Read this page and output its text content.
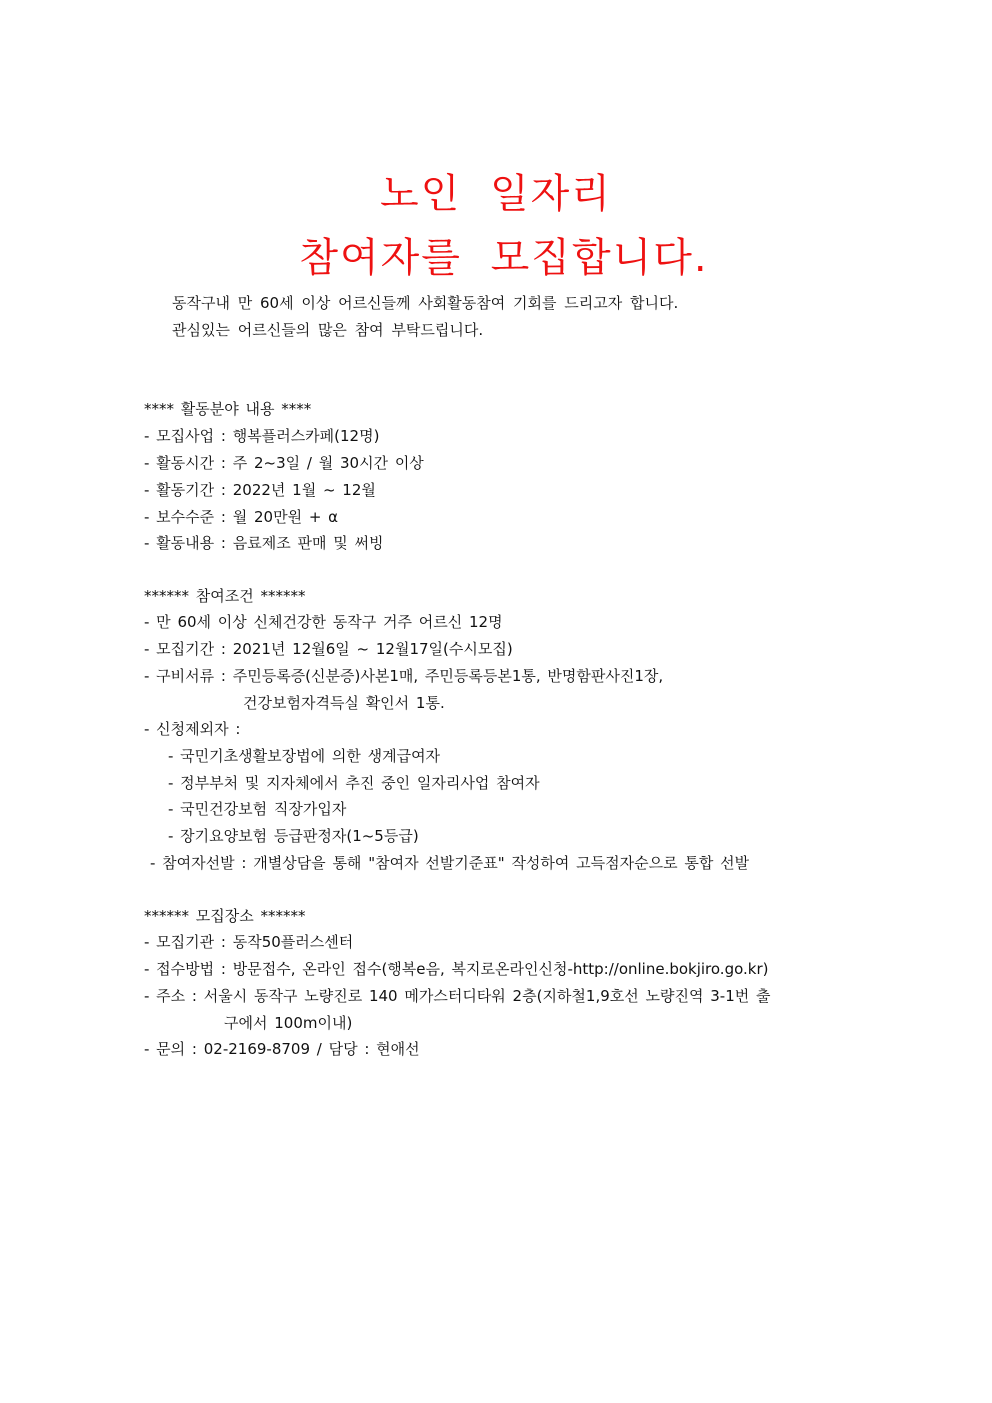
노인 일자리
참여자를 모집합니다.
동작구내 만 60세 이상 어르신들께 사회활동참여 기회를 드리고자 합니다.
관심있는 어르신들의 많은 참여 부탁드립니다.
**** 활동분야 내용 ****
- 모집사업 : 행복플러스카페(12명)
- 활동시간 : 주 2~3일 / 월 30시간 이상
- 활동기간 : 2022년 1월 ~ 12월
- 보수수준 : 월 20만원 + α
- 활동내용 : 음료제조 판매 및 써빙
****** 참여조건 ******
- 만 60세 이상 신체건강한 동작구 거주 어르신 12명
- 모집기간 : 2021년 12월6일 ~ 12월17일(수시모집)
- 구비서류 : 주민등록증(신분증)사본1매, 주민등록등본1통, 반명함판사진1장,
건강보험자격득실 확인서 1통.
- 신청제외자 :
- 국민기초생활보장법에 의한 생계급여자
- 정부부처 및 지자체에서 추진 중인 일자리사업 참여자
- 국민건강보험 직장가입자
- 장기요양보험 등급판정자(1~5등급)
- 참여자선발 : 개별상담을 통해 "참여자 선발기준표" 작성하여 고득점자순으로 통합 선발
****** 모집장소 ******
- 모집기관 : 동작50플러스센터
- 접수방법 : 방문접수, 온라인 접수(행복e음, 복지로온라인신청-http://online.bokjiro.go.kr)
- 주소 : 서울시 동작구 노량진로 140 메가스터디타워 2층(지하철1,9호선 노량진역 3-1번 출
구에서 100m이내)
- 문의 : 02-2169-8709 / 담당 : 현애선
